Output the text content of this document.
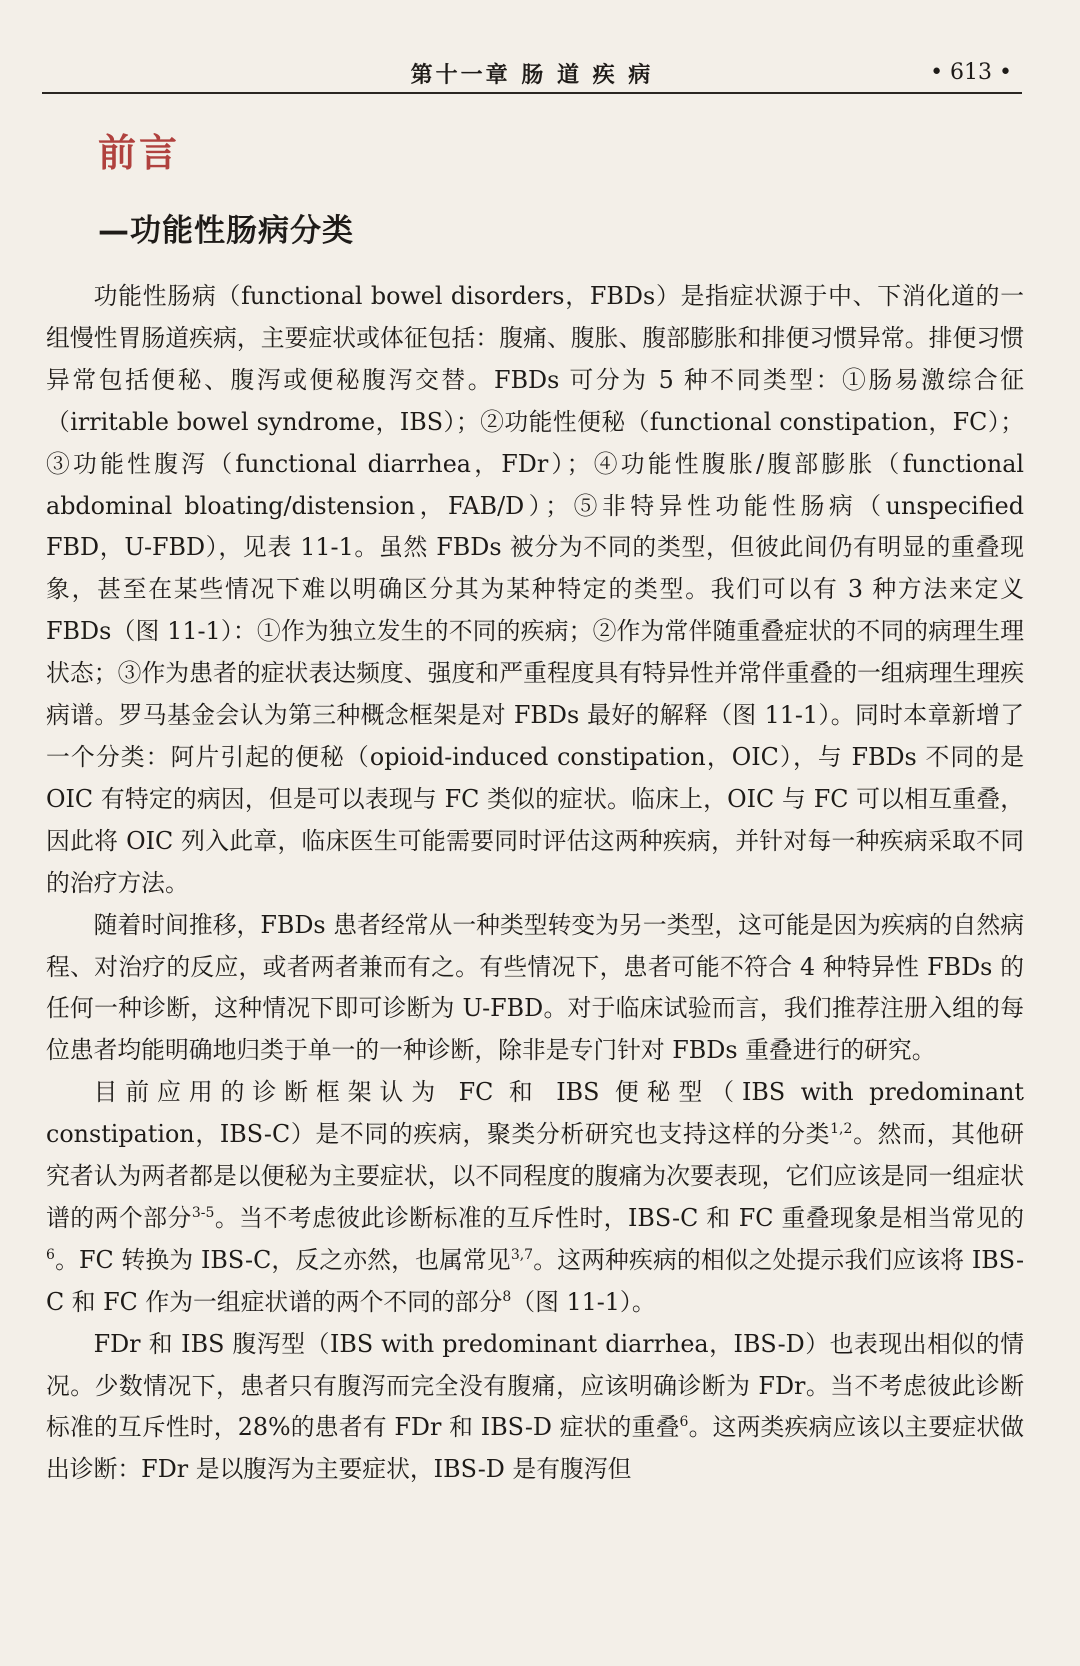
第十一章 肠 道 疾 病	• 613 •
前言
—功能性肠病分类

功能性肠病（functional bowel disorders，FBDs）是指症状源于中、下消化道的一组慢性胃肠道疾病，主要症状或体征包括：腹痛、腹胀、腹部膨胀和排便习惯异常。排便习惯异常包括便秘、腹泻或便秘腹泻交替。FBDs 可分为 5 种不同类型：①肠易激综合征（irritable bowel syndrome，IBS）；②功能性便秘（functional constipation，FC）；③功能性腹泻（functional diarrhea，FDr）；④功能性腹胀/腹部膨胀（functional abdominal bloating/distension，FAB/D）；⑤非特异性功能性肠病（unspecified FBD，U-FBD），见表 11-1。虽然 FBDs 被分为不同的类型，但彼此间仍有明显的重叠现象，甚至在某些情况下难以明确区分其为某种特定的类型。我们可以有 3 种方法来定义 FBDs（图 11-1）：①作为独立发生的不同的疾病；②作为常伴随重叠症状的不同的病理生理状态；③作为患者的症状表达频度、强度和严重程度具有特异性并常伴重叠的一组病理生理疾病谱。罗马基金会认为第三种概念框架是对 FBDs 最好的解释（图 11-1）。同时本章新增了一个分类：阿片引起的便秘（opioid-induced constipation，OIC），与 FBDs 不同的是 OIC 有特定的病因，但是可以表现与 FC 类似的症状。临床上，OIC 与 FC 可以相互重叠，因此将 OIC 列入此章，临床医生可能需要同时评估这两种疾病，并针对每一种疾病采取不同的治疗方法。

随着时间推移，FBDs 患者经常从一种类型转变为另一类型，这可能是因为疾病的自然病程、对治疗的反应，或者两者兼而有之。有些情况下，患者可能不符合 4 种特异性 FBDs 的任何一种诊断，这种情况下即可诊断为 U-FBD。对于临床试验而言，我们推荐注册入组的每位患者均能明确地归类于单一的一种诊断，除非是专门针对 FBDs 重叠进行的研究。

目前应用的诊断框架认为 FC 和 IBS 便秘型（IBS with predominant constipation，IBS-C）是不同的疾病，聚类分析研究也支持这样的分类$^{1,2}$。然而，其他研究者认为两者都是以便秘为主要症状，以不同程度的腹痛为次要表现，它们应该是同一组症状谱的两个部分$^{3-5}$。当不考虑彼此诊断标准的互斥性时，IBS-C 和 FC 重叠现象是相当常见的$^6$。FC 转换为 IBS-C，反之亦然，也属常见$^{3,7}$。这两种疾病的相似之处提示我们应该将 IBS-C 和 FC 作为一组症状谱的两个不同的部分$^8$（图 11-1）。

FDr 和 IBS 腹泻型（IBS with predominant diarrhea，IBS-D）也表现出相似的情况。少数情况下，患者只有腹泻而完全没有腹痛，应该明确诊断为 FDr。当不考虑彼此诊断标准的互斥性时，28%的患者有 FDr 和 IBS-D 症状的重叠$^6$。这两类疾病应该以主要症状做出诊断：FDr 是以腹泻为主要症状，IBS-D 是有腹泻但
